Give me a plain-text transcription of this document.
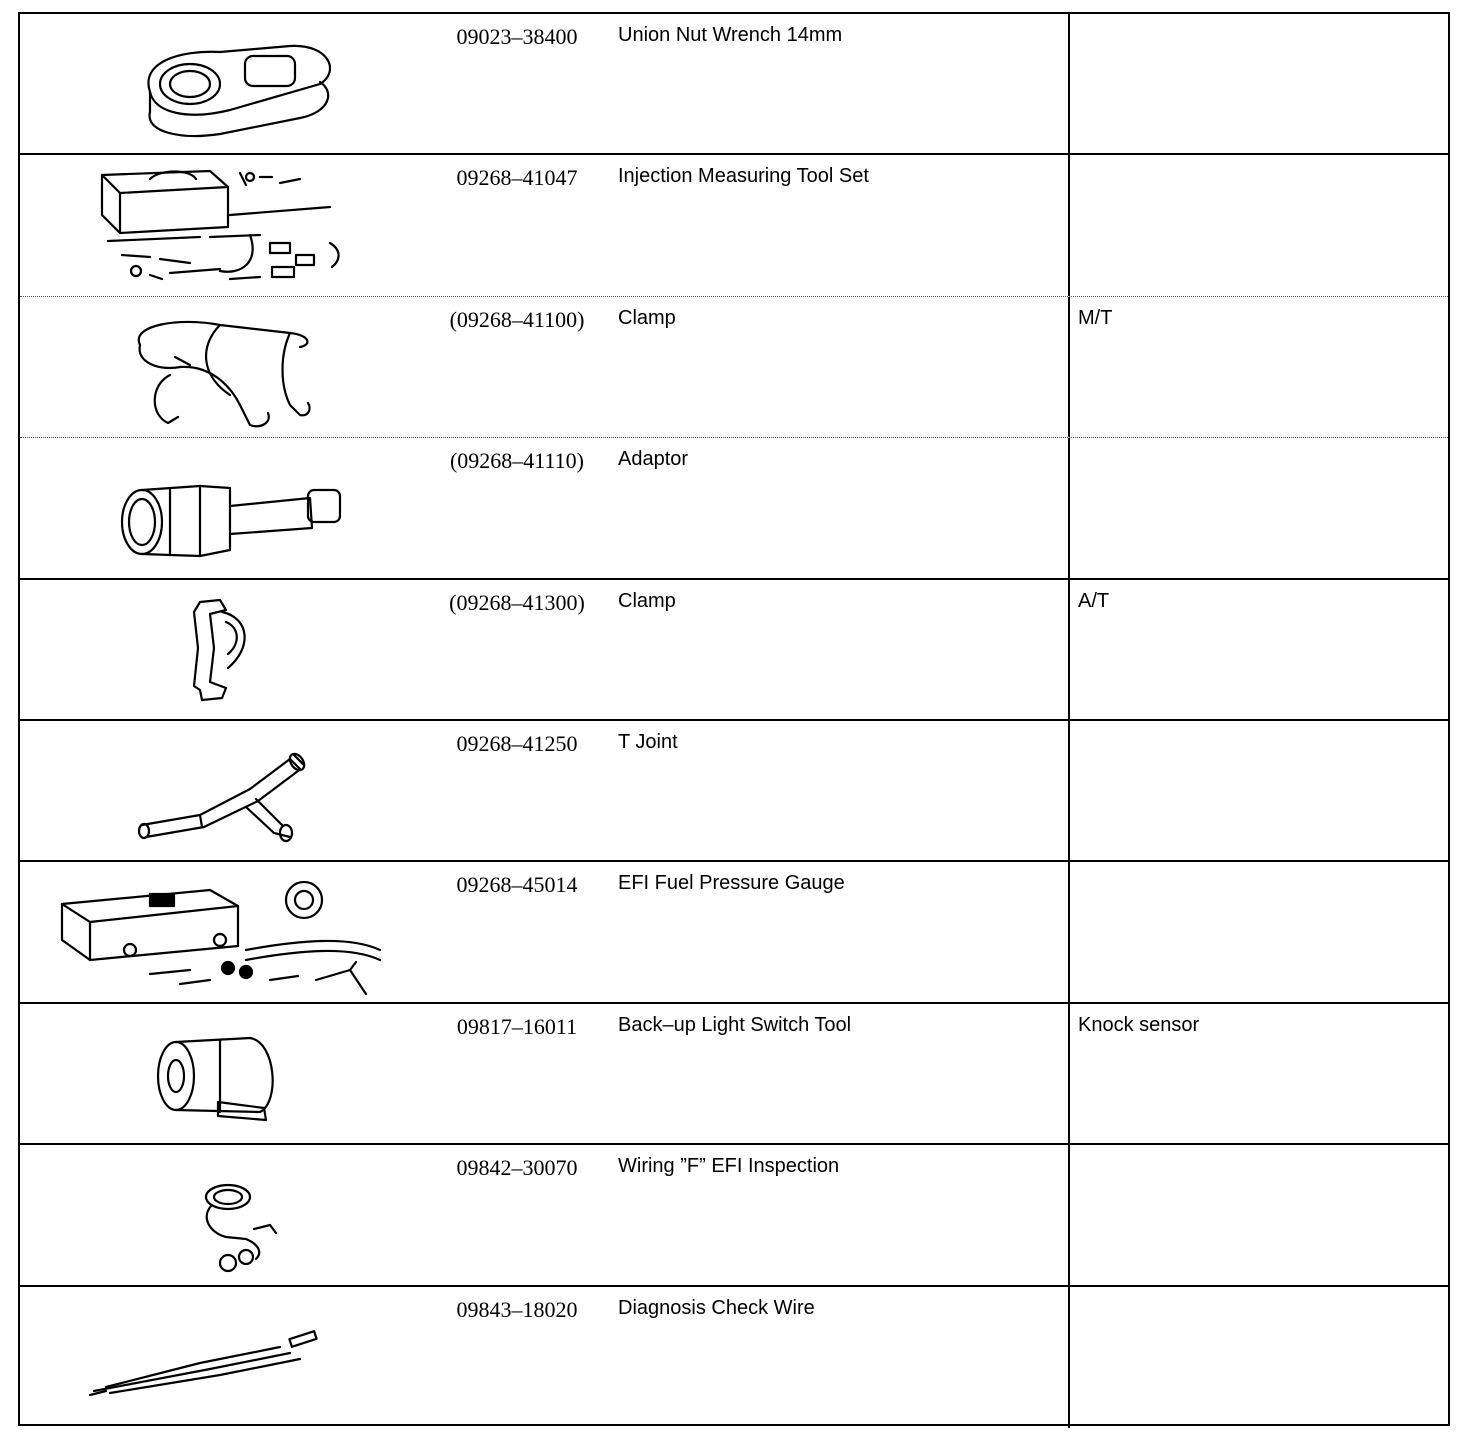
09023–38400	Union Nut Wrench 14mm
09268–41047	Injection Measuring Tool Set
(09268–41100)	Clamp	M/T
(09268–41110)	Adaptor
(09268–41300)	Clamp	A/T
09268–41250	T Joint
09268–45014	EFI Fuel Pressure Gauge
09817–16011	Back–up Light Switch Tool	Knock sensor
09842–30070	Wiring ”F” EFI Inspection
09843–18020	Diagnosis Check Wire
